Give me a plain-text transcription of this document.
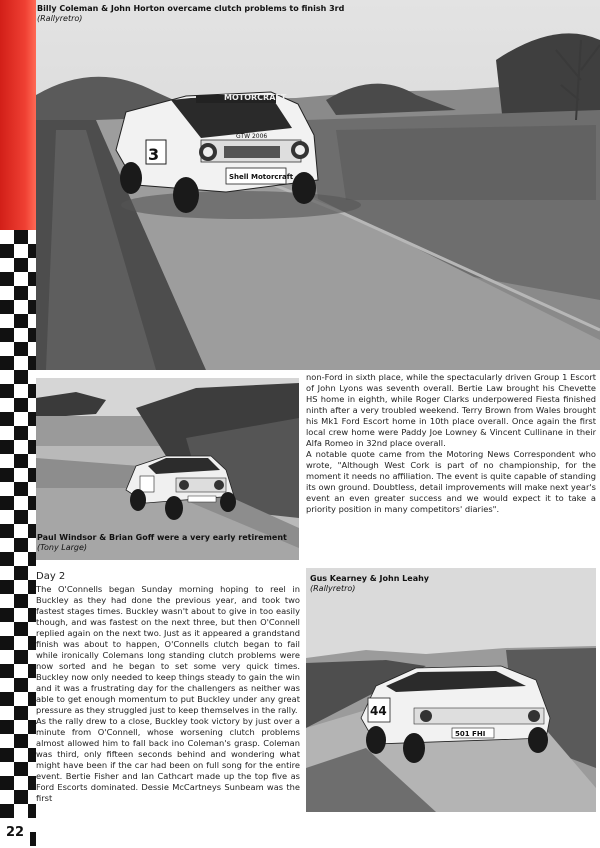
22
MOTORCRAFT
3
Shell Motorcraft
GTW 2006
Billy Coleman & John Horton overcame clutch problems to finish 3rd
(Rallyretro)
Paul Windsor & Brian Goff were a very early retirement
(Tony Large)

non-Ford in sixth place, while the spectacularly driven Group 1 Escort of John Lyons was seventh overall. Bertie Law brought his Chevette HS home in eighth, while Roger Clarks underpowered Fiesta finished ninth after a very troubled weekend. Terry Brown from Wales brought his Mk1 Ford Escort home in 10th place overall. Once again the first local crew home were Paddy Joe Lowney & Vincent Cullinane in their Alfa Romeo in 32nd place overall.

A notable quote came from the Motoring News Correspondent who wrote, "Although West Cork is part of no championship, for the moment it needs no affiliation. The event is quite capable of standing its own ground. Doubtless, detail improvements will make next year's event an even greater success and we would expect it to take a priority position in many competitors' diaries".

Day 2

The O'Connells began Sunday morning hoping to reel in Buckley as they had done the previous year, and took two fastest stages times. Buckley wasn't about to give in too easily though, and was fastest on the next three, but then O'Connell replied again on the next two. Just as it appeared a grandstand finish was about to happen, O'Connells clutch began to fail while ironically Colemans long standing clutch problems were now sorted and he began to set some very quick times. Buckley now only needed to keep things steady to gain the win and it was a frustrating day for the challengers as neither was able to get enough momentum to put Buckley under any great pressure as they struggled just to keep themselves in the rally.

As the rally drew to a close, Buckley took victory by just over a minute from O'Connell, whose worsening clutch problems almost allowed him to fall back ino Coleman's grasp. Coleman was third, only fifteen seconds behind and wondering what might have been if the car had been on full song for the entire event. Bertie Fisher and Ian Cathcart made up the top five as Ford Escorts dominated. Dessie McCartneys Sunbeam was the first

44
501 FHI
Gus Kearney & John Leahy
(Rallyretro)
